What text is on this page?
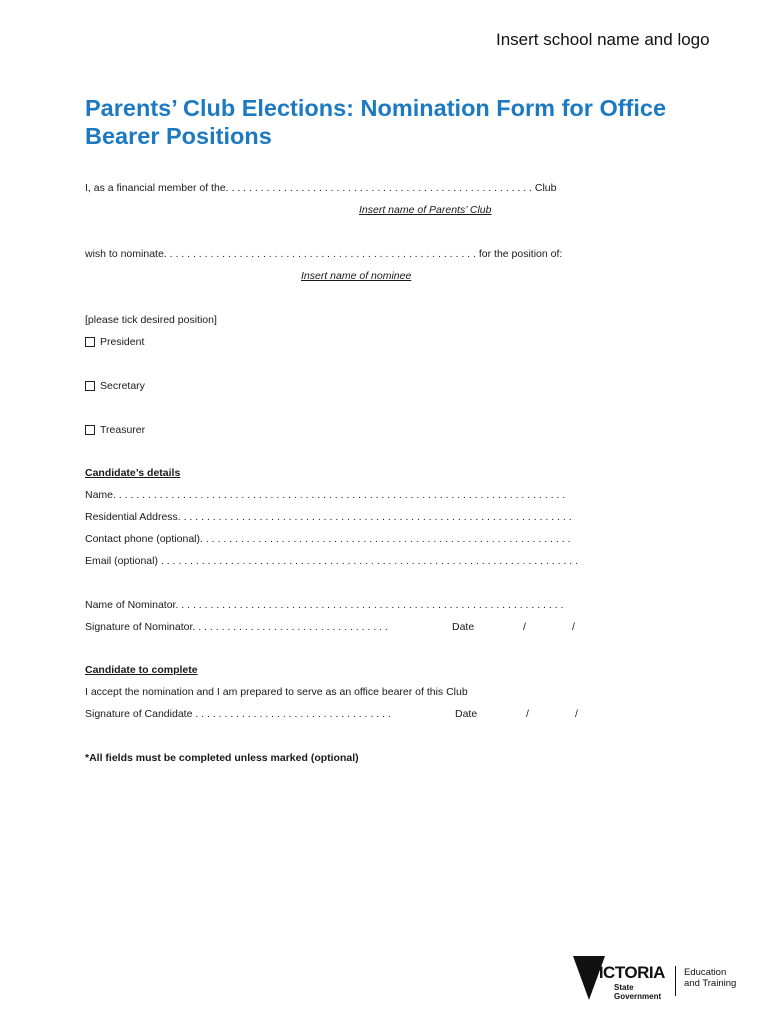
Insert school name and logo
Parents’ Club Elections: Nomination Form for Office Bearer Positions
I, as a financial member of the. . . . . . . . . . . . . . . . . . . . . . . . . . . . . . . . . . . . . . . . . . . . . . . . . . . . . Club
Insert name of Parents’ Club
wish to nominate. . . . . . . . . . . . . . . . . . . . . . . . . . . . . . . . . . . . . . . . . . . . . . . . . . . . . . for the position of:
Insert name of nominee
[please tick desired position]
President
Secretary
Treasurer
Candidate’s details
Name. . . . . . . . . . . . . . . . . . . . . . . . . . . . . . . . . . . . . . . . . . . . . . . . . . . . . . . . . . . . . . . . . . . . . . . . . . . . . .
Residential Address. . . . . . . . . . . . . . . . . . . . . . . . . . . . . . . . . . . . . . . . . . . . . . . . . . . . . . . . . . . . . . . . . . . .
Contact phone (optional). . . . . . . . . . . . . . . . . . . . . . . . . . . . . . . . . . . . . . . . . . . . . . . . . . . . . . . . . . . . . . . .
Email (optional) . . . . . . . . . . . . . . . . . . . . . . . . . . . . . . . . . . . . . . . . . . . . . . . . . . . . . . . . . . . . . . . . . . . . . . . .
Name of Nominator. . . . . . . . . . . . . . . . . . . . . . . . . . . . . . . . . . . . . . . . . . . . . . . . . . . . . . . . . . . . . . . . . . .
Signature of Nominator. . . . . . . . . . . . . . . . . . . . . . . . . . . . . . . . . .	Date	/	/
Candidate to complete
I accept the nomination and I am prepared to serve as an office bearer of this Club
Signature of Candidate . . . . . . . . . . . . . . . . . . . . . . . . . . . . . . . . . .	Date	/	/
*All fields must be completed unless marked (optional)
VICTORIA
State
Government
Education
and Training
